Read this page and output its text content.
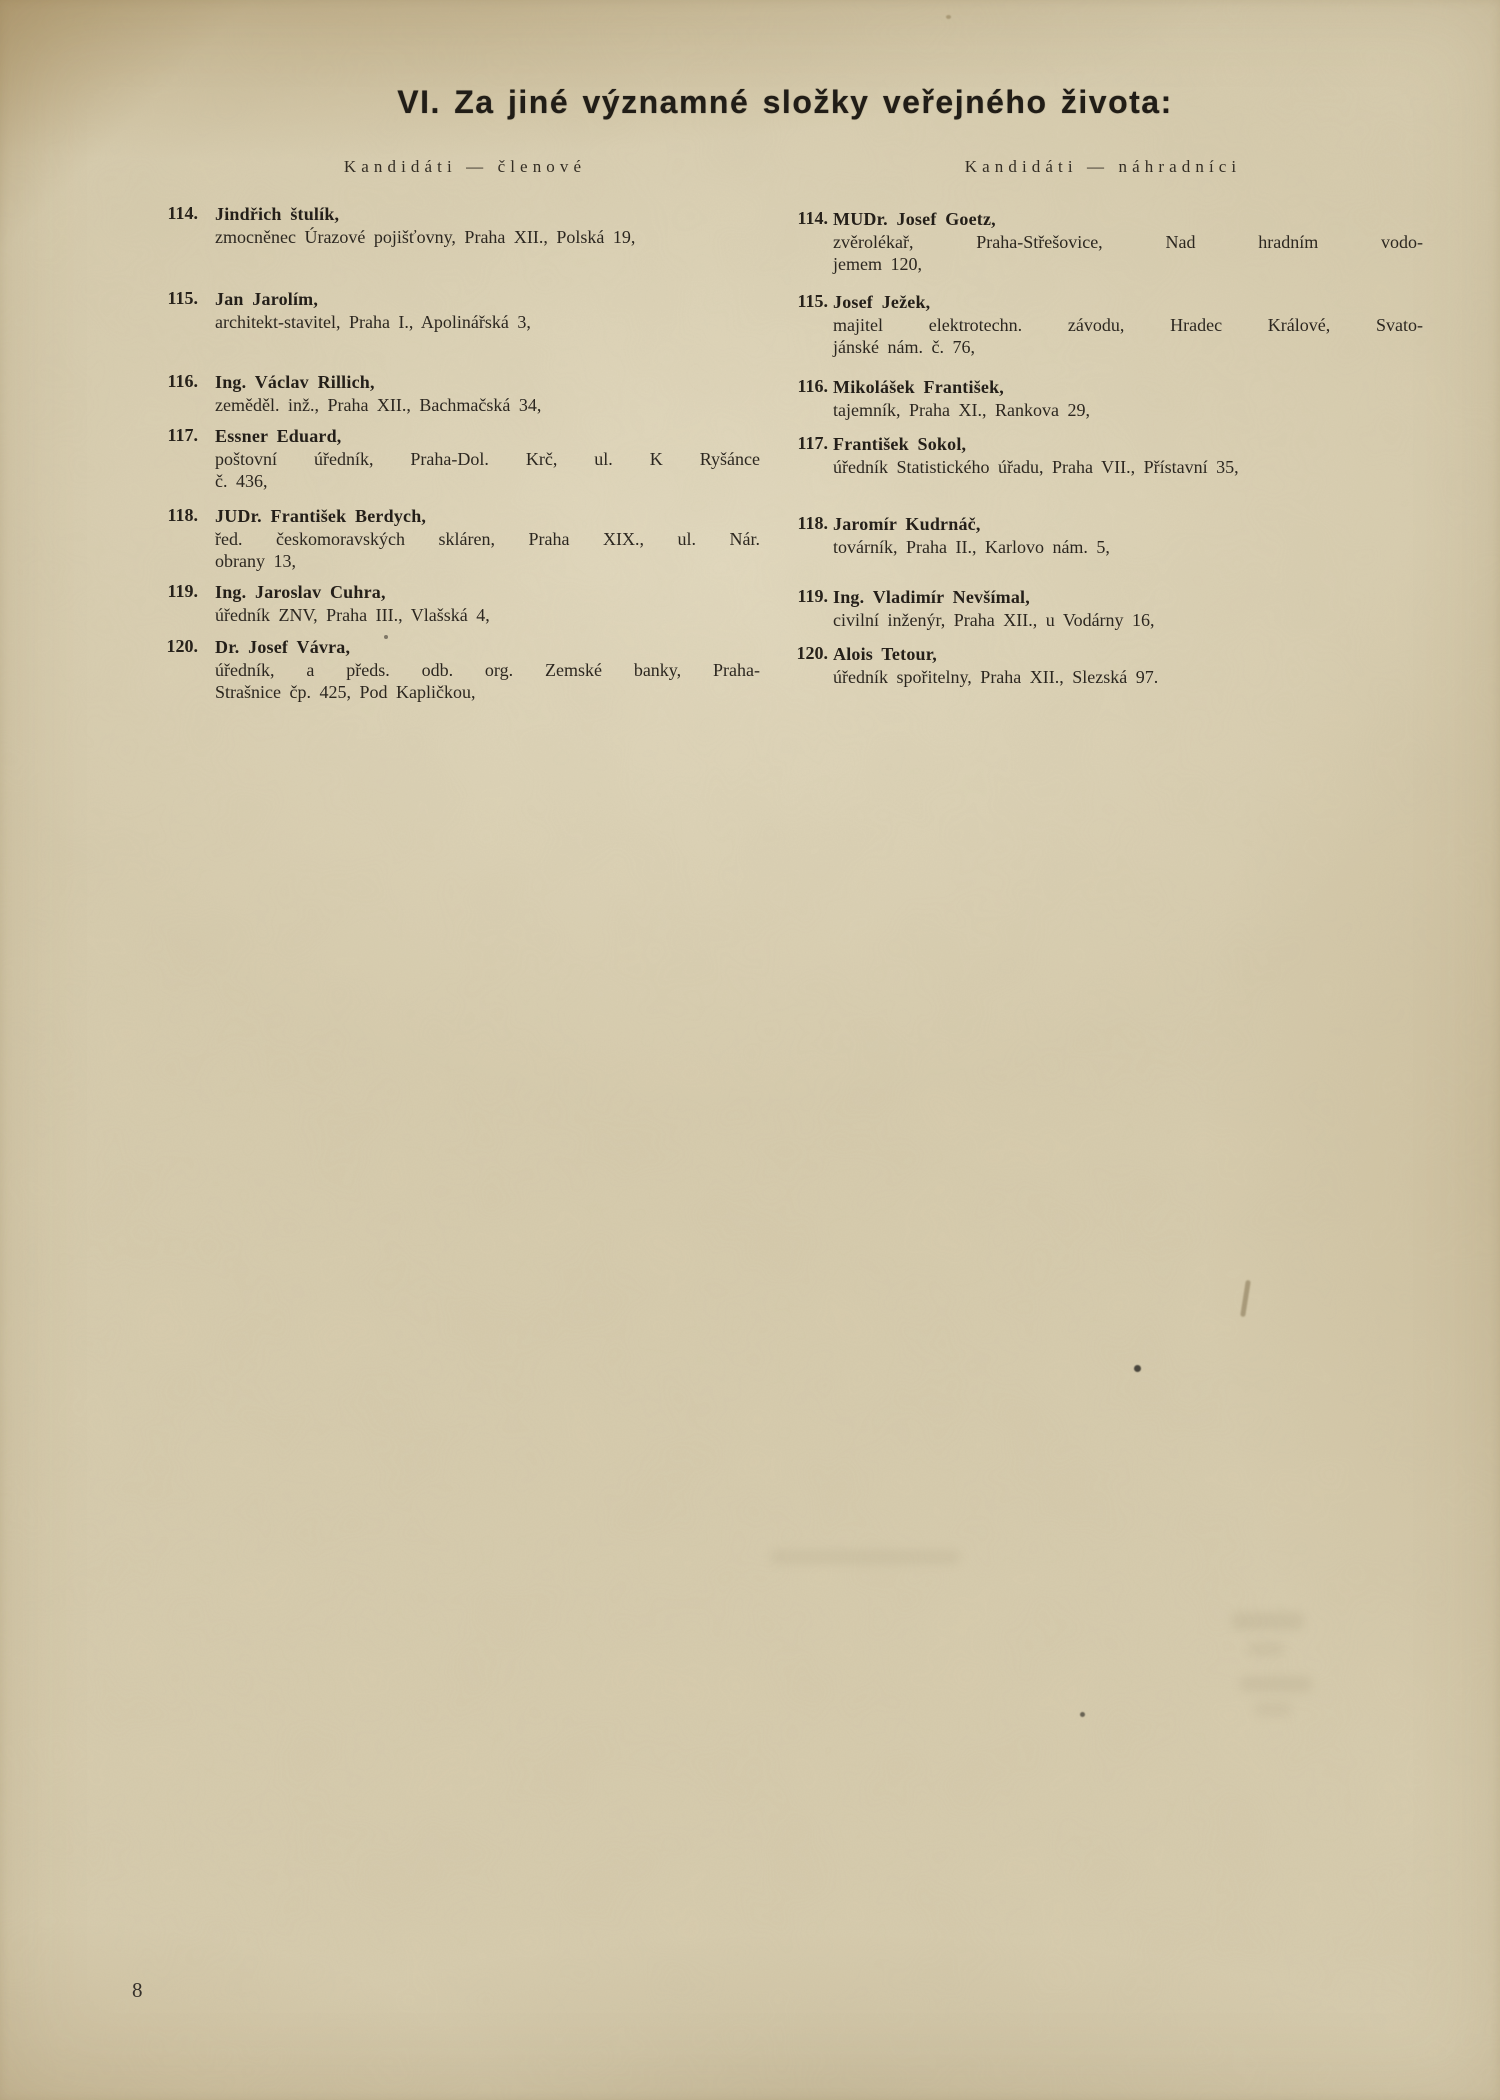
VI. Za jiné významné složky veřejného života:
Kandidáti — členové	Kandidáti — náhradníci
114. Jindřich štulík,
zmocněnec Úrazové pojišťovny, Praha XII., Polská 19,
115. Jan Jarolím,
architekt-stavitel, Praha I., Apolinářská 3,
116. Ing. Václav Rillich,
zeměděl. inž., Praha XII., Bachmačská 34,
117. Essner Eduard,
poštovní úředník, Praha-Dol. Krč, ul. K Ryšánce
č. 436,
118. JUDr. František Berdych,
řed. českomoravských skláren, Praha XIX., ul. Nár.
obrany 13,
119. Ing. Jaroslav Cuhra,
úředník ZNV, Praha III., Vlašská 4,
120. Dr. Josef Vávra,
úředník, a předs. odb. org. Zemské banky, Praha-
Strašnice čp. 425, Pod Kapličkou,
114. MUDr. Josef Goetz,
zvěrolékař, Praha-Střešovice, Nad hradním vodo-
jemem 120,
115. Josef Ježek,
majitel elektrotechn. závodu, Hradec Králové, Svato-
jánské nám. č. 76,
116. Mikolášek František,
tajemník, Praha XI., Rankova 29,
117. František Sokol,
úředník Statistického úřadu, Praha VII., Přístavní 35,
118. Jaromír Kudrnáč,
továrník, Praha II., Karlovo nám. 5,
119. Ing. Vladimír Nevšímal,
civilní inženýr, Praha XII., u Vodárny 16,
120. Alois Tetour,
úředník spořitelny, Praha XII., Slezská 97.
8
